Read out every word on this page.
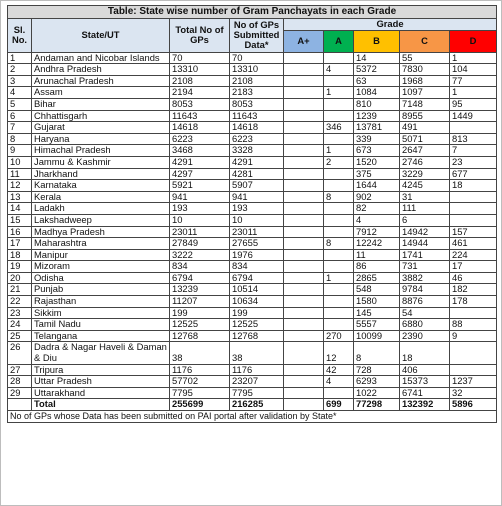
Table: State wise number of Gram Panchayats in each Grade								
Sl. No.	State/UT	Total No of GPs	No of GPs Submitted Data*	Grade				
				A+	A	B	C	D
1	Andaman and Nicobar Islands	70	70			14	55	1
2	Andhra Pradesh	13310	13310		4	5372	7830	104
3	Arunachal Pradesh	2108	2108			63	1968	77
4	Assam	2194	2183		1	1084	1097	1
5	Bihar	8053	8053			810	7148	95
6	Chhattisgarh	11643	11643			1239	8955	1449
7	Gujarat	14618	14618		346	13781	491	
8	Haryana	6223	6223			339	5071	813
9	Himachal Pradesh	3468	3328		1	673	2647	7
10	Jammu & Kashmir	4291	4291		2	1520	2746	23
11	Jharkhand	4297	4281			375	3229	677
12	Karnataka	5921	5907			1644	4245	18
13	Kerala	941	941		8	902	31	
14	Ladakh	193	193			82	111	
15	Lakshadweep	10	10			4	6	
16	Madhya Pradesh	23011	23011			7912	14942	157
17	Maharashtra	27849	27655		8	12242	14944	461
18	Manipur	3222	1976			11	1741	224
19	Mizoram	834	834			86	731	17
20	Odisha	6794	6794		1	2865	3882	46
21	Punjab	13239	10514			548	9784	182
22	Rajasthan	11207	10634			1580	8876	178
23	Sikkim	199	199			145	54	
24	Tamil Nadu	12525	12525			5557	6880	88
25	Telangana	12768	12768		270	10099	2390	9
26	Dadra & Nagar Haveli & Daman & Diu	38	38		12	8	18	
27	Tripura	1176	1176		42	728	406	
28	Uttar Pradesh	57702	23207		4	6293	15373	1237
29	Uttarakhand	7795	7795			1022	6741	32
	Total	255699	216285		699	77298	132392	5896
No of GPs whose Data has been submitted on PAI portal after validation by State*								
